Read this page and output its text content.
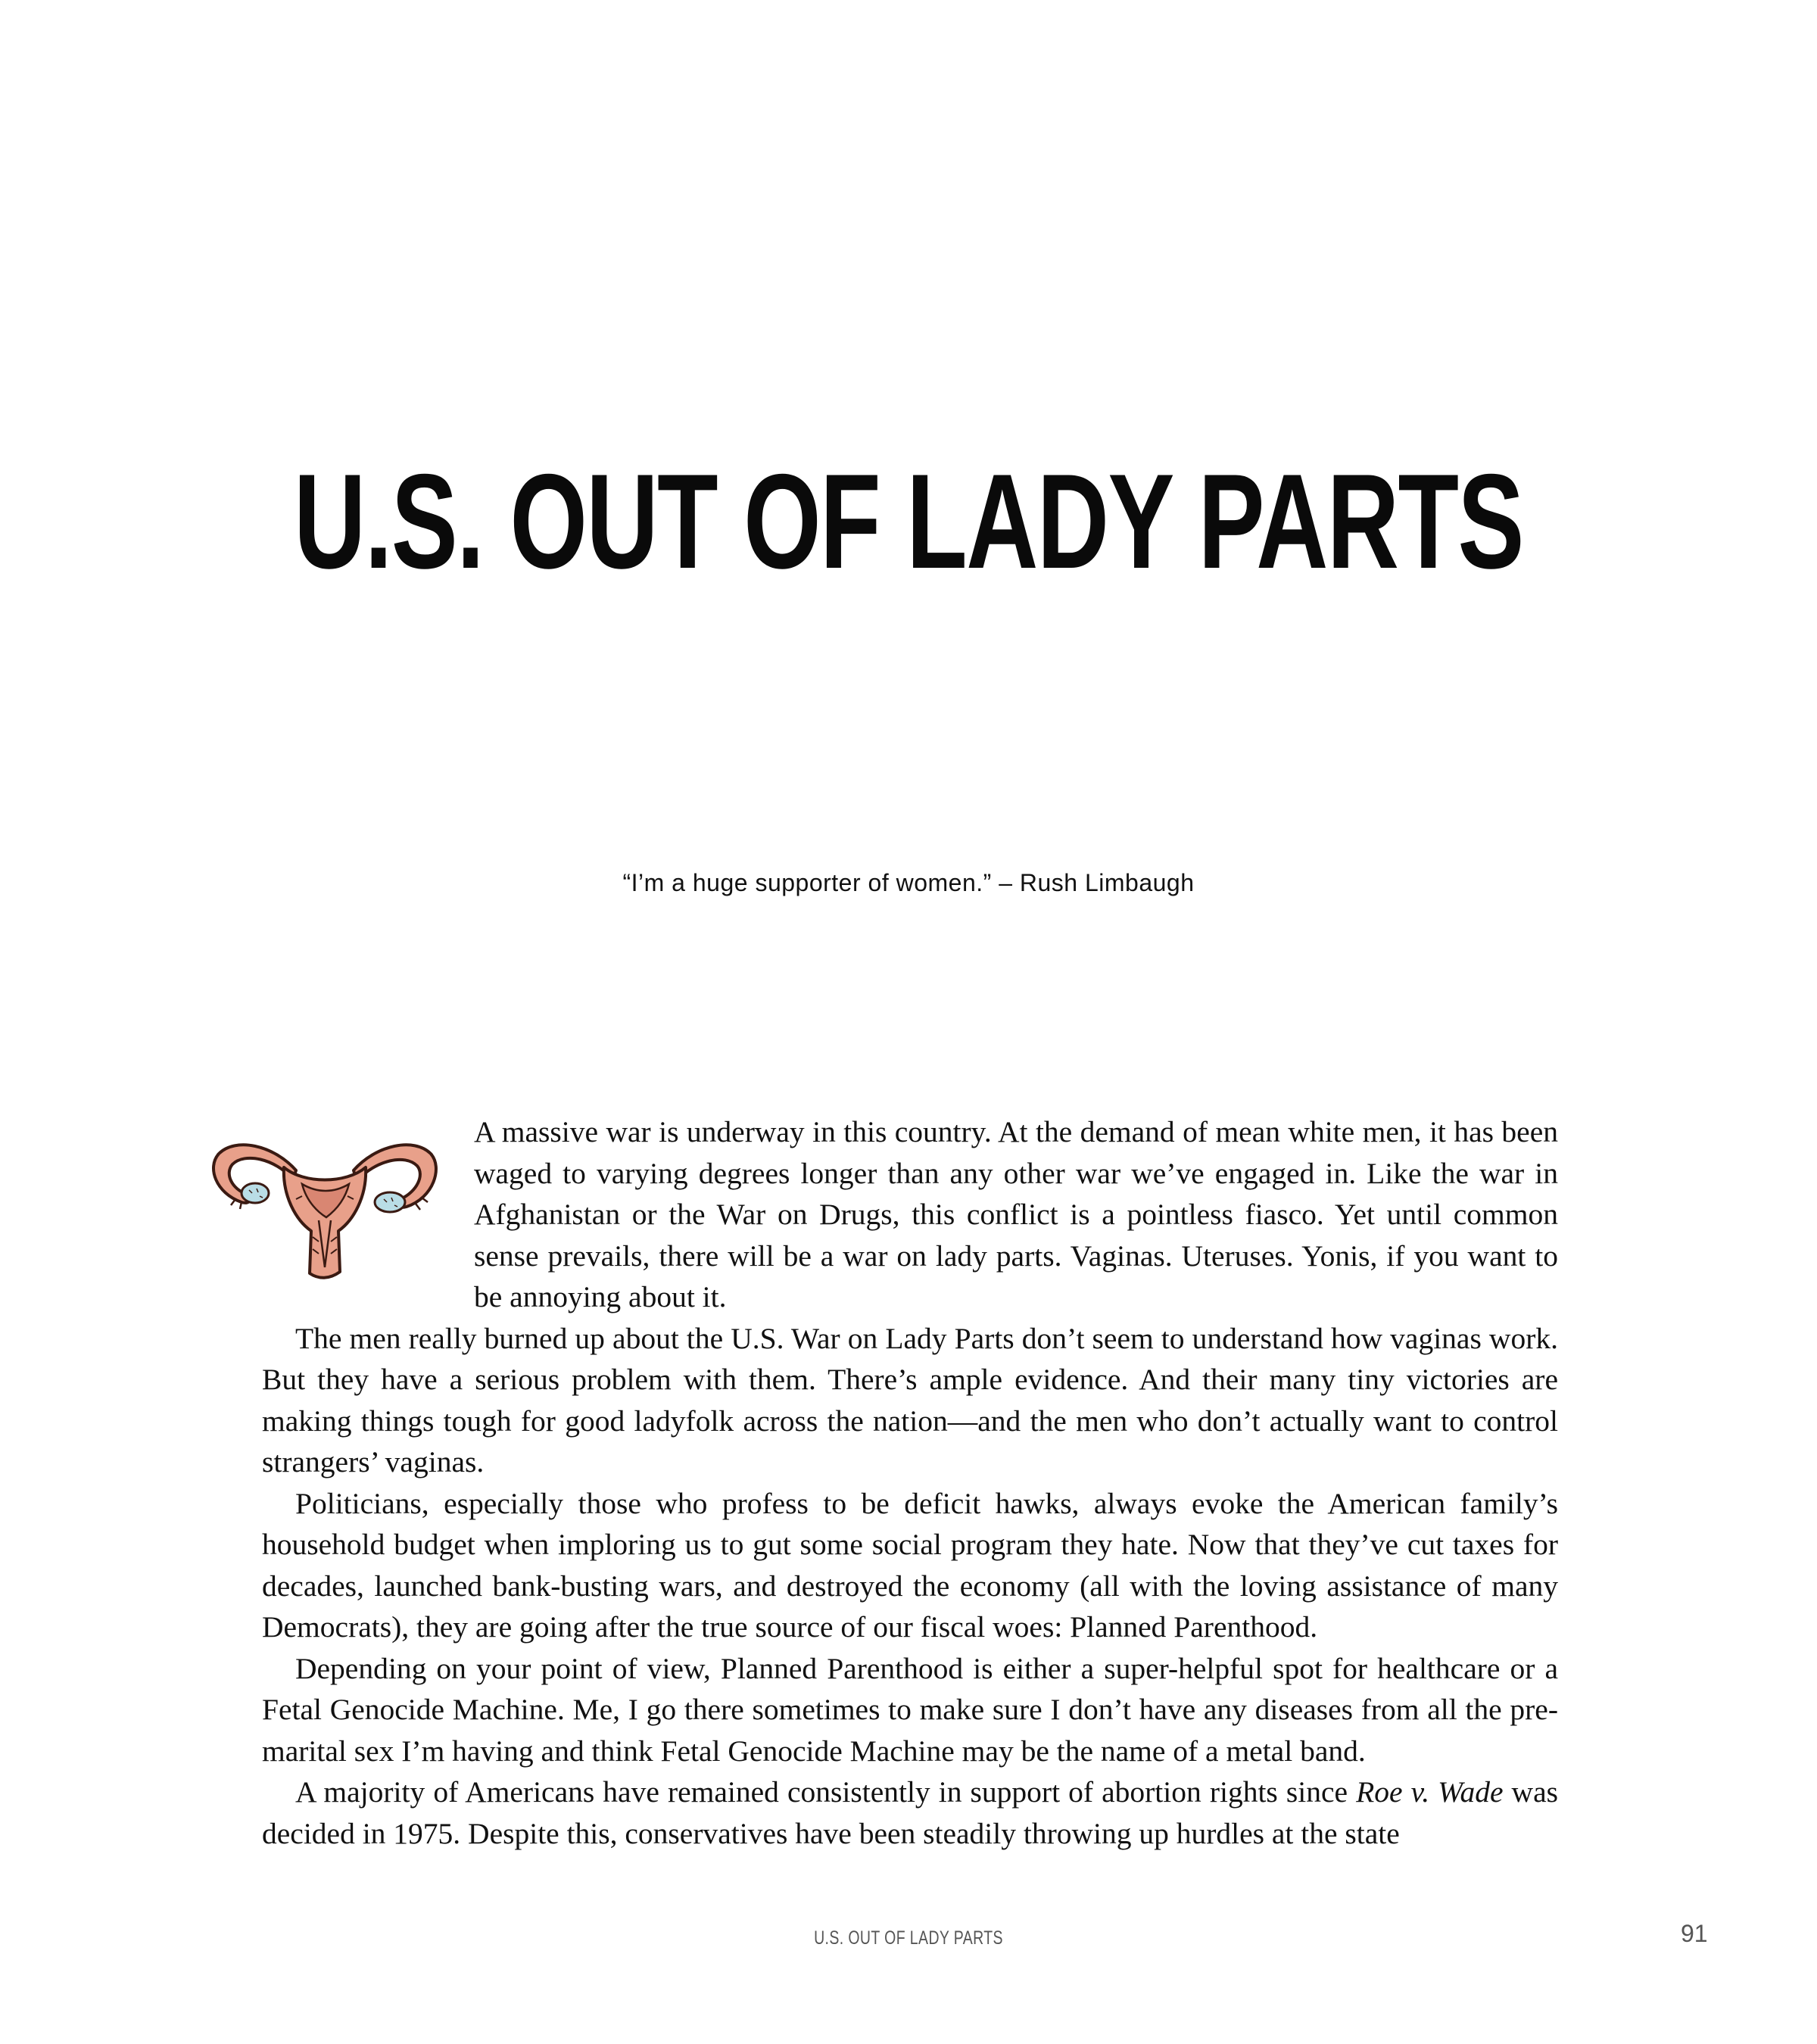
U.S. OUT OF LADY PARTS
“I’m a huge supporter of women.” – Rush Limbaugh

A massive war is underway in this country. At the demand of mean white men, it has been waged to varying degrees longer than any other war we’ve engaged in. Like the war in Afghanistan or the War on Drugs, this conflict is a pointless fiasco. Yet until common sense prevails, there will be a war on lady parts. Vaginas. Uteruses. Yonis, if you want to be annoying about it.

The men really burned up about the U.S. War on Lady Parts don’t seem to understand how vaginas work. But they have a serious problem with them. There’s ample evidence. And their many tiny victories are making things tough for good ladyfolk across the nation—and the men who don’t actually want to control strangers’ vaginas.

Politicians, especially those who profess to be deficit hawks, always evoke the American family’s household budget when imploring us to gut some social program they hate. Now that they’ve cut taxes for decades, launched bank-busting wars, and destroyed the economy (all with the loving assistance of many Democrats), they are going after the true source of our fiscal woes: Planned Parenthood.

Depending on your point of view, Planned Parenthood is either a super-helpful spot for healthcare or a Fetal Genocide Machine. Me, I go there sometimes to make sure I don’t have any diseases from all the pre-marital sex I’m having and think Fetal Genocide Machine may be the name of a metal band.

A majority of Americans have remained consistently in support of abortion rights since Roe v. Wade was decided in 1975. Despite this, conservatives have been steadily throwing up hurdles at the state

U.S. OUT OF LADY PARTS	91
